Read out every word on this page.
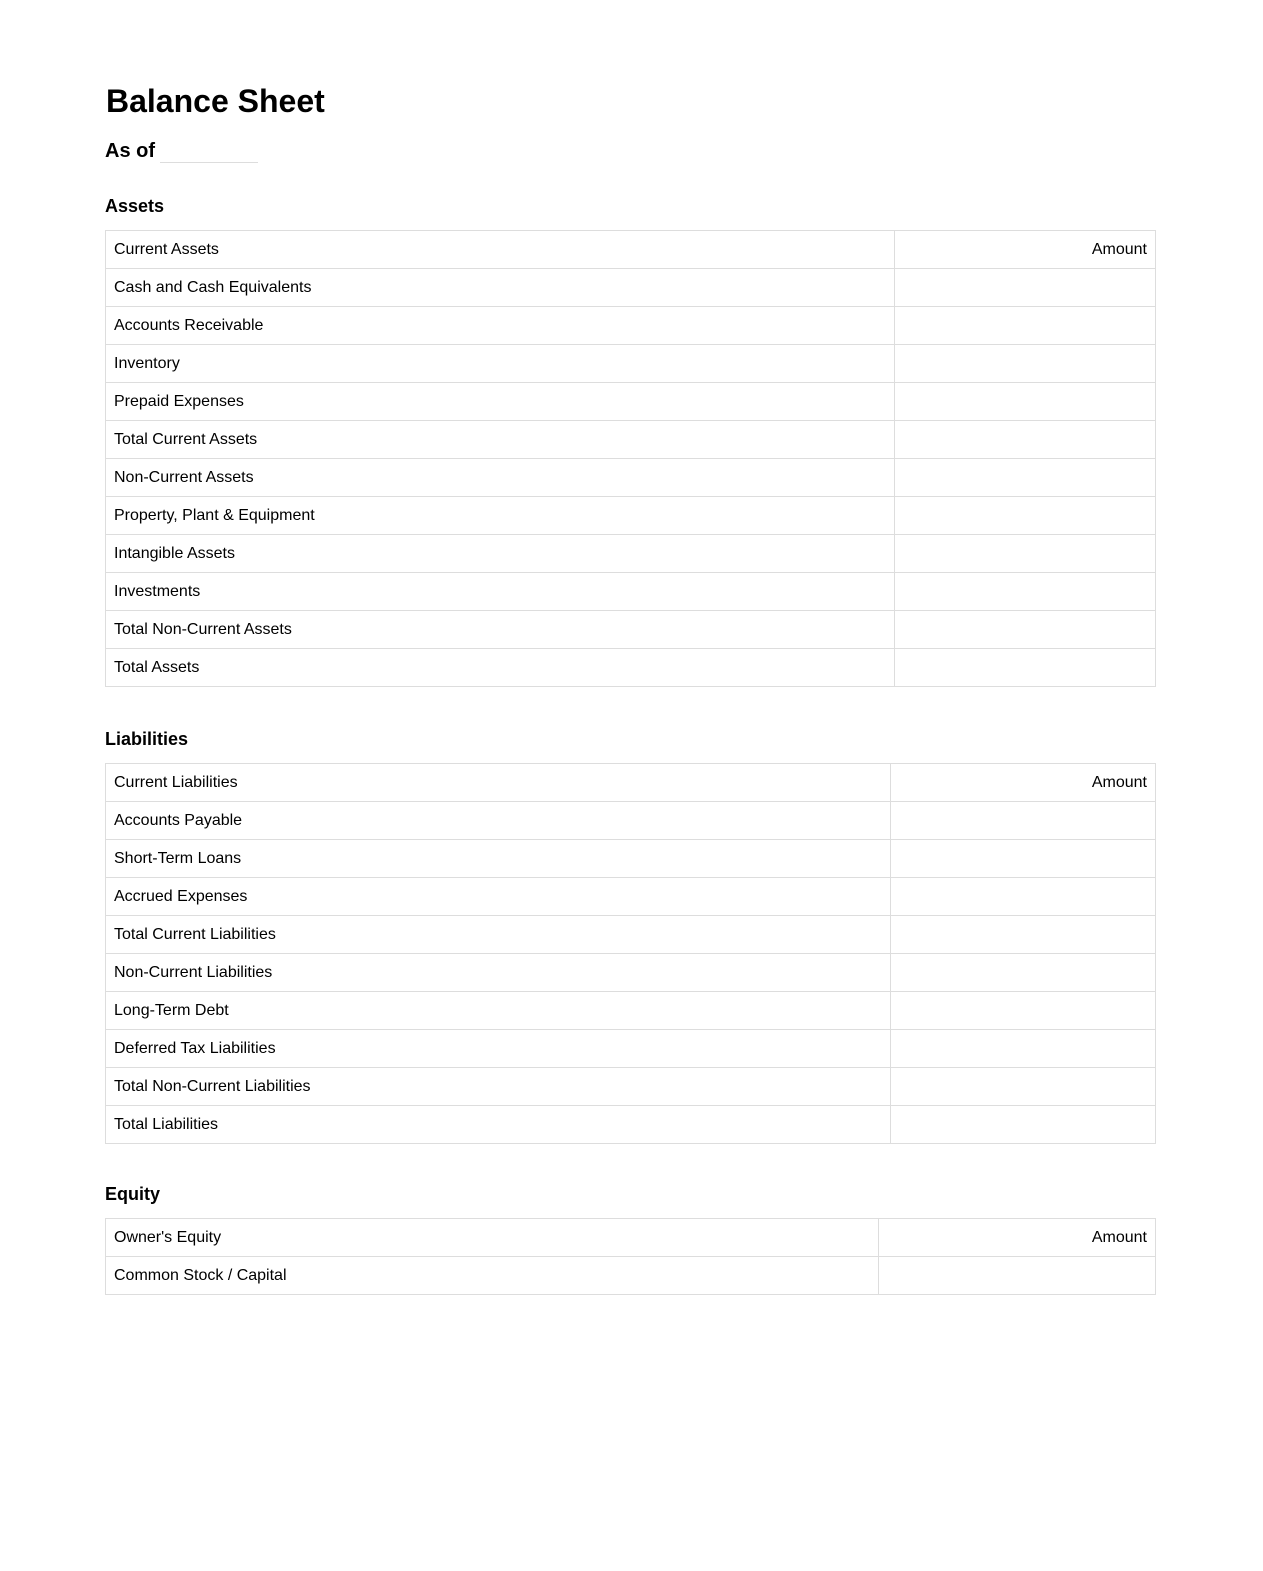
Balance Sheet
As of
Assets
Current Assets	Amount
Cash and Cash Equivalents	
Accounts Receivable	
Inventory	
Prepaid Expenses	
Total Current Assets	
Non-Current Assets	
Property, Plant & Equipment	
Intangible Assets	
Investments	
Total Non-Current Assets	
Total Assets	
Liabilities
Current Liabilities	Amount
Accounts Payable	
Short-Term Loans	
Accrued Expenses	
Total Current Liabilities	
Non-Current Liabilities	
Long-Term Debt	
Deferred Tax Liabilities	
Total Non-Current Liabilities	
Total Liabilities	
Equity
Owner's Equity	Amount
Common Stock / Capital	
